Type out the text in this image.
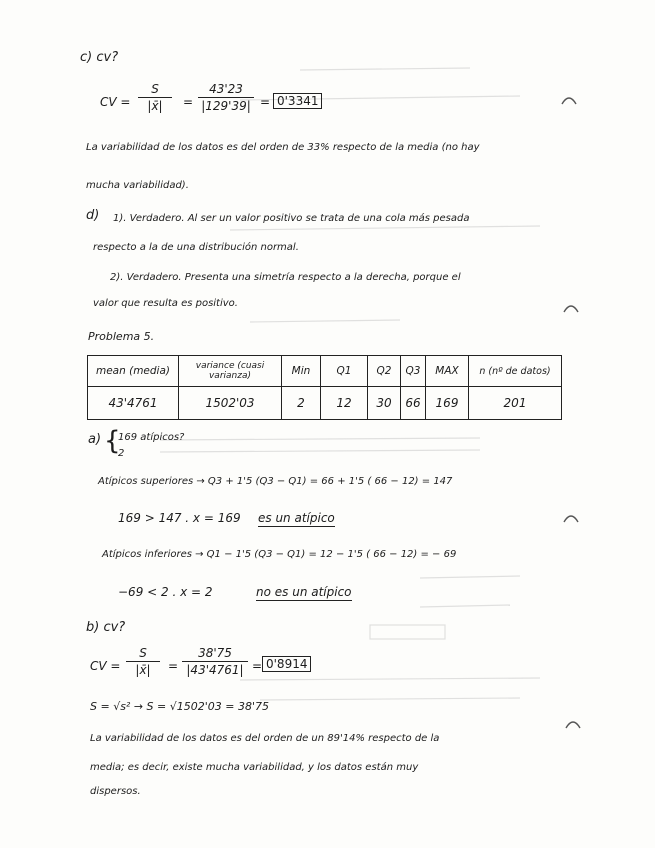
c) cv?
CV = $\frac{S}{|x̄|} = \frac{43'23}{|129'39|} = 0'3341$
La variabilidad de los datos es del orden de 33% respecto de la media (no hay
mucha variabilidad).
d) 1). Verdadero. Al ser un valor positivo se trata de una cola más pesada
respecto a la de una distribución normal.
2). Verdadero. Presenta una simetría respecto a la derecha, porque el
valor que resulta es positivo.
Problema 5.
mean (media)	variance (cuasi varianza)	Min	Q1	Q2	Q3	MAX	n (nº de datos)
43'4761	1502'03	2	12	30	66	169	201
a) {
169 atípicos?
2
Atípicos superiores → Q3 + 1'5 (Q3 − Q1) = 66 + 1'5 ( 66 − 12) = 147
169 > 147 . x = 169 es un atípico
Atípicos inferiores → Q1 − 1'5 (Q3 − Q1) = 12 − 1'5 ( 66 − 12) = − 69
−69 < 2 . x = 2	no es un atípico
b) cv?
CV = $\frac{S}{|x̄|} = \frac{38'75}{|43'4761|} = 0'8914$
S = √s² → S = √1502'03 = 38'75
La variabilidad de los datos es del orden de un 89'14% respecto de la
media; es decir, existe mucha variabilidad, y los datos están muy
dispersos.
